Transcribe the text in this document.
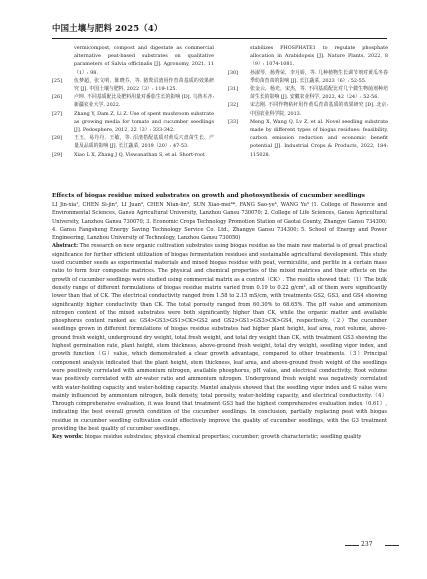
中国土壤与肥料 2025（4）
vermicompost, compost and digestate as commercial alternative peat-based substrates on qualitative parameters of Salvia officinalis [J]. Agronomy, 2021, 11（1）: 98.
[25] 伍梦超，张文明，陈晓芬，等. 猪粪沼渣用作育苗基质的效果研究 [J]. 中国土壤与肥料, 2022（3）: 119-125.
[26] 卢坤. 不同基质配比及肥料用量对番茄生长的影响 [D]. 乌鲁木齐: 新疆农业大学, 2022.
[27] Zhang Y, Dam Z, Li Z. Use of spent mushroom substrate as growing media for tomato and cucumber seedlings [J]. Pedosphere, 2012, 22（3）: 333-342.
[28] 王玉，易丹丹，王敏，等. 沼渣搭配基质对黄瓜穴盘苗生长、产量及品质的影响 [J]. 长江蔬菜, 2019（20）: 47-53.
[29] Xiao L X, Zhang J Q, Viswanathan S, et al. Short-root
stabilizes PHOSPHATE1 to regulate phosphate allocation in Arabidopsis [J]. Nature Plants, 2022, 8（9）: 1074-1081.
[30] 孙淑琴，杨秀荣，李月娇，等. 几种植物生长调节剂对黄瓜冬春季幼苗育苗的影响 [J]. 长江蔬菜, 2023（6）: 52-55.
[31] 张金云，杨光，宋杰，等. 不同基质配比对几个微生物菌剂种培苗生长的影响 [J]. 安徽农业科学, 2022, 42（24）: 52-56.
[32] 宋志刚. 不同作物秸秆用作黄瓜育苗基质的效果研究 [D]. 北京: 中国农业科学院, 2013.
[33] Meng X, Wang Q, Lv Z, et al. Novel seedling substrate made by different types of biogas residues: feasibility, carbon emission reduction and economic benefit potential [J]. Industrial Crops & Products, 2022, 184: 115028.
Effects of biogas residue mixed substrates on growth and photosynthesis of cucumber seedlings
LI Jin-xia¹, CHEN Si-jin², LI Juan³, CHEN Nian-lin³, SUN Xiao-mei⁴*, FANG Sao-ye⁴, WANG Yu⁵ (1. College of Resource and Environmental Sciences, Gansu Agricultural University, Lanzhou Gansu 730070; 2. College of Life Sciences, Gansu Agricultural University, Lanzhou Gansu 730070; 3. Economic Crops Technology Promotion Station of Gaotai County, Zhangye Gansu 734300; 4. Gansu Fangsheng Energy Saving Technology Service Co. Ltd., Zhangye Gansu 734300; 5. School of Energy and Power Engineering, Lanzhou University of Technology, Lanzhou Gansu 730050)
Abstract: The research on new organic cultivation substrates using biogas residue as the main raw material is of great practical significance for further efficient utilization of biogas fermentation residues and sustainable agricultural development. This study used cucumber seeds as experimental materials and mixed biogas residue with peat, vermiculite, and perlite in a certain mass ratio to form four composite matrices. The physical and chemical properties of the mixed matrices and their effects on the growth of cucumber seedlings were studied using commercial matrix as a control（CK）. The results showed that:（1）The bulk density range of different formulations of biogas residue matrix varied from 0.19 to 0.22 g/cm³, all of them were significantly lower than that of CK. The electrical conductivity ranged from 1.58 to 2.15 mS/cm, with treatments GS2, GS3, and GS4 showing significantly higher conductivity than CK. The total porosity ranged from 60.30% to 68.65%. The pH value and ammonium nitrogen content of the mixed substrates were both significantly higher than CK, while the organic matter and available phosphorus content ranked as: GS4>GS3>GS1>CK>GS2 and GS2>GS1>GS3>CK>GS4, respectively.（2）The cucumber seedlings grown in different formulations of biogas residue substrates had higher plant height, leaf area, root volume, above-ground fresh weight, underground dry weight, total fresh weight, and total dry weight than CK, with treatment GS3 showing the highest germination rate, plant height, stem thickness, above-ground fresh weight, total dry weight, seedling vigor index, and growth function（G）value, which demonstrated a clear growth advantage, compared to other treatments.（3）Principal component analysis indicated that the plant height, stem thickness, leaf area, and above-ground fresh weight of the seedlings were positively correlated with ammonium nitrogen, available phosphorus, pH value, and electrical conductivity. Root volume was positively correlated with air-water ratio and ammonium nitrogen. Underground fresh weight was negatively correlated with water-holding capacity and water-holding capacity. Mantel analysis showed that the seedling vigor index and G value were mainly influenced by ammonium nitrogen, bulk density, total porosity, water-holding capacity, and electrical conductivity.（4）Through comprehensive evaluation, it was found that treatment GS3 had the highest comprehensive evaluation index（0.61）, indicating the best overall growth condition of the cucumber seedlings. In conclusion, partially replacing peat with biogas residue in cucumber seedling cultivation could effectively improve the quality of cucumber seedlings, with the G3 treatment providing the best quality of cucumber seedlings.
Key words: biogas residue substrates; physical chemical properties; cucumber; growth characteristic; seedling quality
237
